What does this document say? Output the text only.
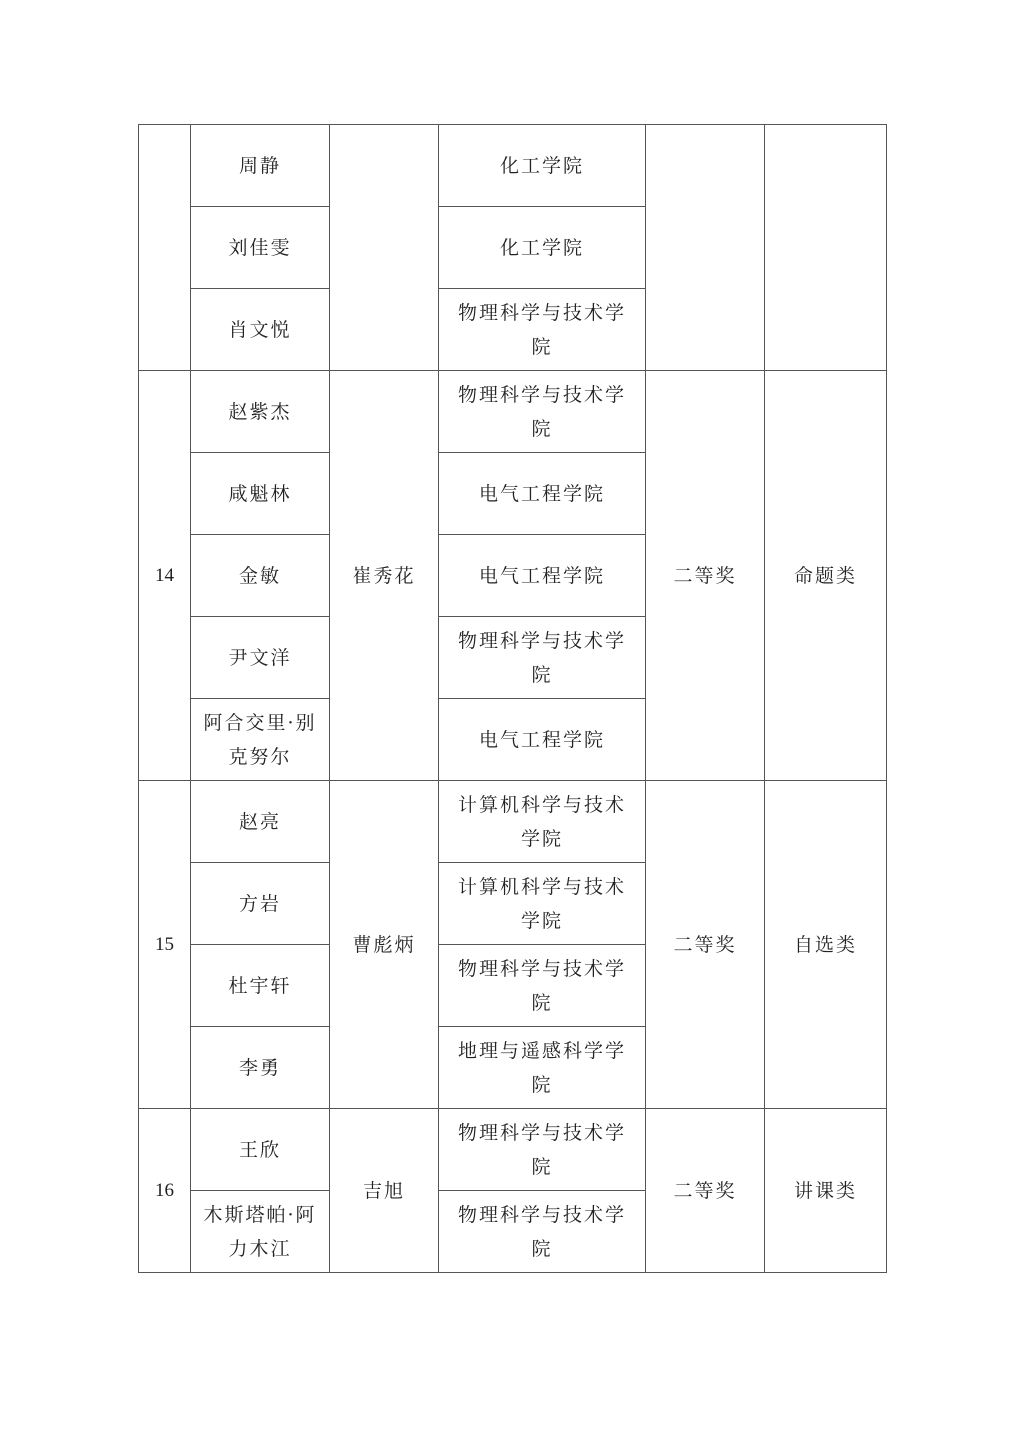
	周静		化工学院		
	刘佳雯		化工学院		
	肖文悦		物理科学与技术学院		
14	赵紫杰	崔秀花	物理科学与技术学院	二等奖	命题类
	咸魁林		电气工程学院		
	金敏		电气工程学院		
	尹文洋		物理科学与技术学院		
	阿合交里·别克努尔		电气工程学院		
15	赵亮	曹彪炳	计算机科学与技术学院	二等奖	自选类
	方岩		计算机科学与技术学院		
	杜宇轩		物理科学与技术学院		
	李勇		地理与遥感科学学院		
16	王欣	吉旭	物理科学与技术学院	二等奖	讲课类
	木斯塔帕·阿力木江		物理科学与技术学院		
